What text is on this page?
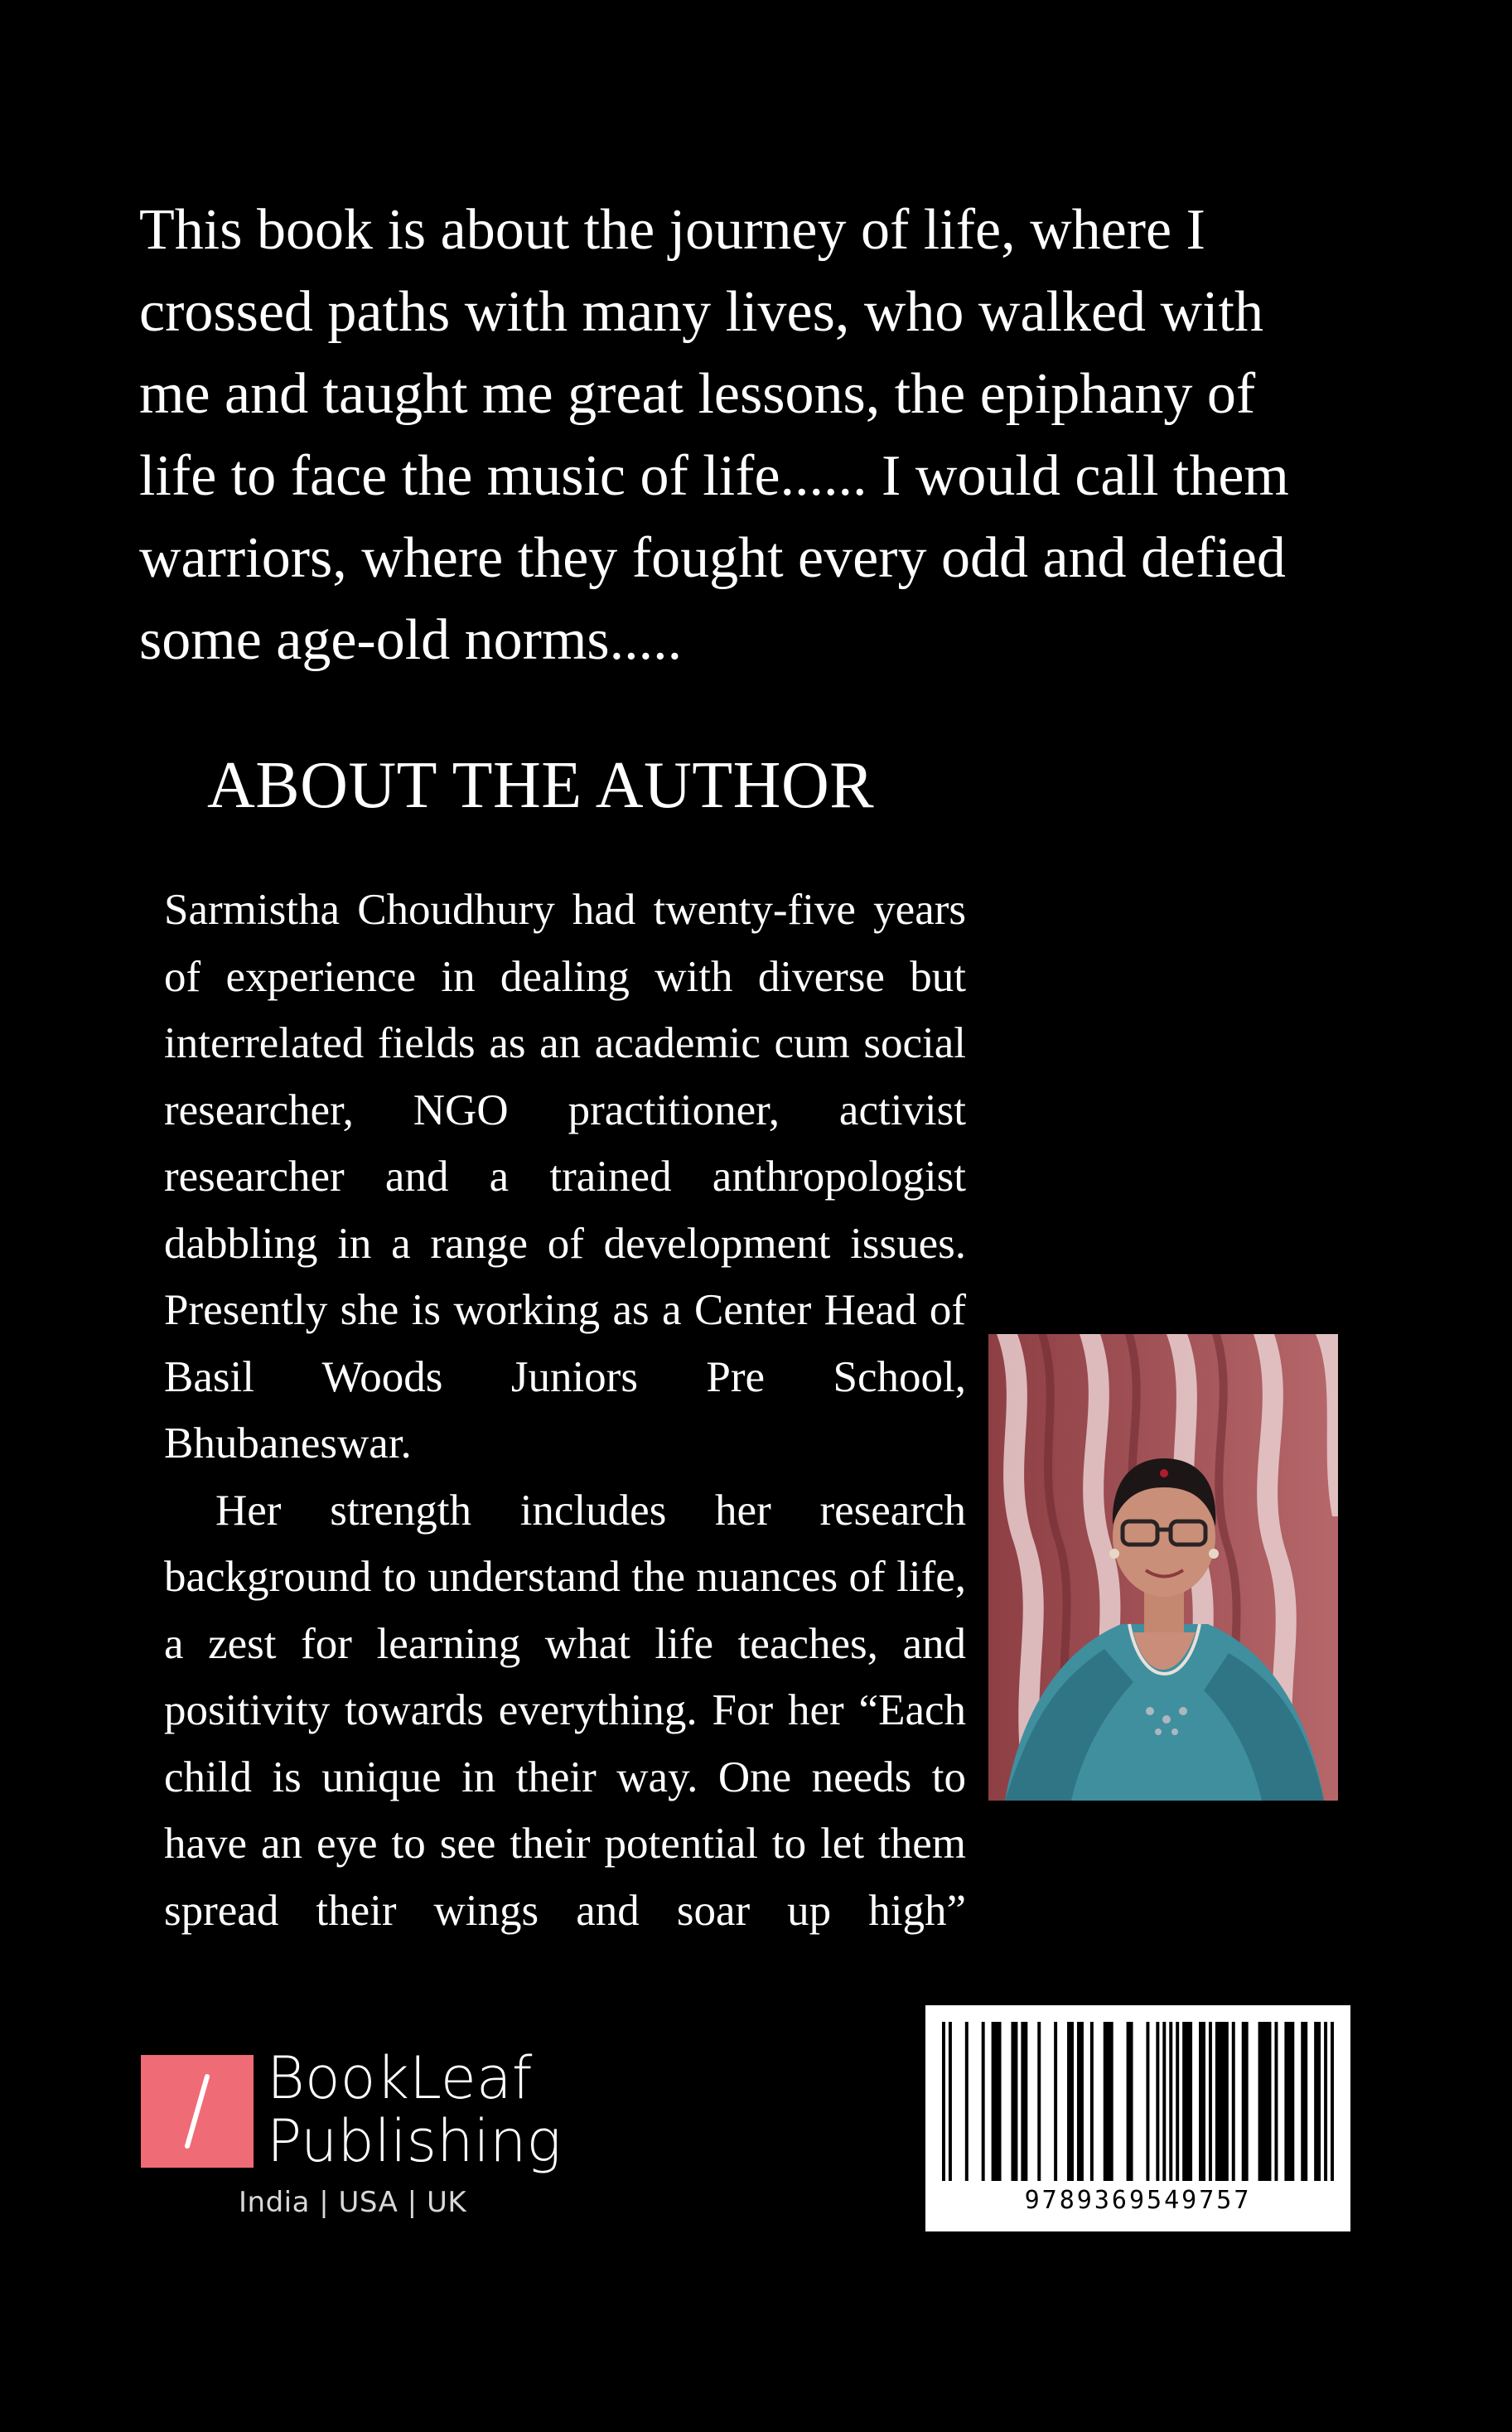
This book is about the journey of life, where I crossed paths with many lives, who walked with me and taught me great lessons, the epiphany of life to face the music of life...... I would call them warriors, where they fought every odd and defied some age-old norms.....

ABOUT THE AUTHOR

Sarmistha Choudhury had twenty-five years of experience in dealing with diverse but interrelated fields as an academic cum social researcher, NGO practitioner, activist researcher and a trained anthropologist dabbling in a range of development issues. Presently she is working as a Center Head of Basil Woods Juniors Pre School, Bhubaneswar.

Her strength includes her research background to understand the nuances of life, a zest for learning what life teaches, and positivity towards everything. For her “Each child is unique in their way. One needs to have an eye to see their potential to let them spread their wings and soar up high”

BookLeaf
Publishing
India | USA | UK	9789369549757
